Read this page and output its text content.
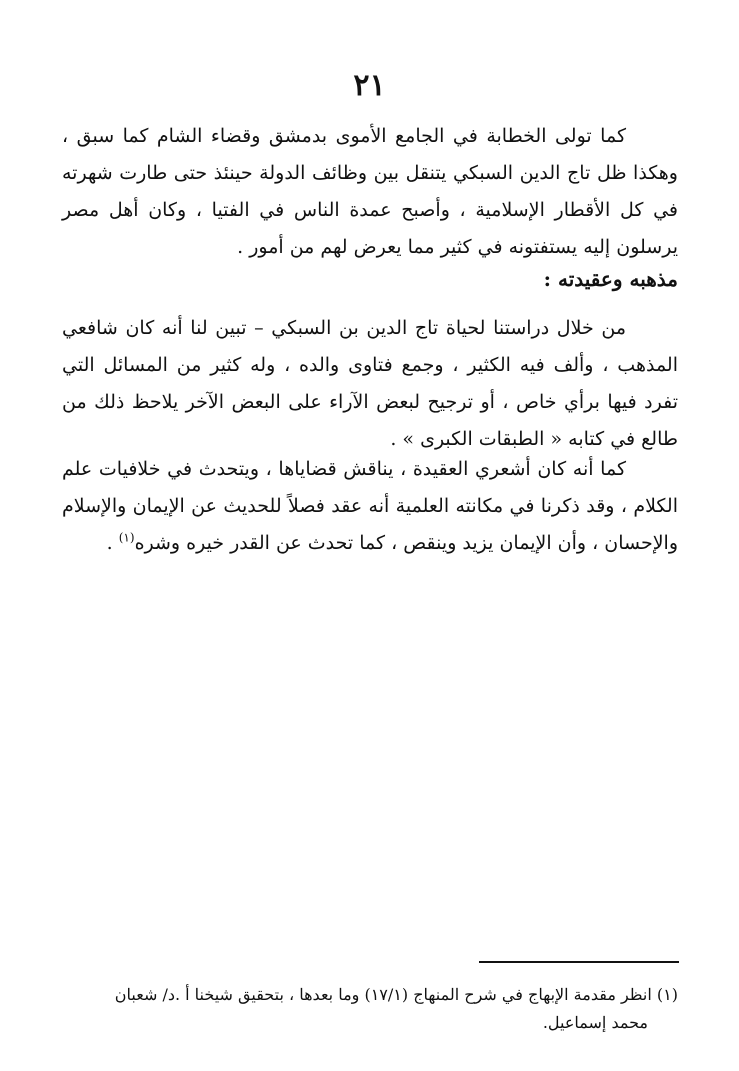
٢١

كما تولى الخطابة في الجامع الأموى بدمشق وقضاء الشام كما سبق ، وهكذا ظل تاج الدين السبكي يتنقل بين وظائف الدولة حينئذ حتى طارت شهرته في كل الأقطار الإسلامية ، وأصبح عمدة الناس في الفتيا ، وكان أهل مصر يرسلون إليه يستفتونه في كثير مما يعرض لهم من أمور .

مذهبه وعقيدته :

من خلال دراستنا لحياة تاج الدين بن السبكي – تبين لنا أنه كان شافعي المذهب ، وألف فيه الكثير ، وجمع فتاوى والده ، وله كثير من المسائل التي تفرد فيها برأي خاص ، أو ترجيح لبعض الآراء على البعض الآخر يلاحظ ذلك من طالع في كتابه « الطبقات الكبرى » .

كما أنه كان أشعري العقيدة ، يناقش قضاياها ، ويتحدث في خلافيات علم الكلام ، وقد ذكرنا في مكانته العلمية أنه عقد فصلاً للحديث عن الإيمان والإسلام والإحسان ، وأن الإيمان يزيد وينقص ، كما تحدث عن القدر خيره وشره$^{(١)}$ .

(١) انظر مقدمة الإبهاج في شرح المنهاج (١٧/١) وما بعدها ، بتحقيق شيخنا أ .د/ شعبان

محمد إسماعيل.
